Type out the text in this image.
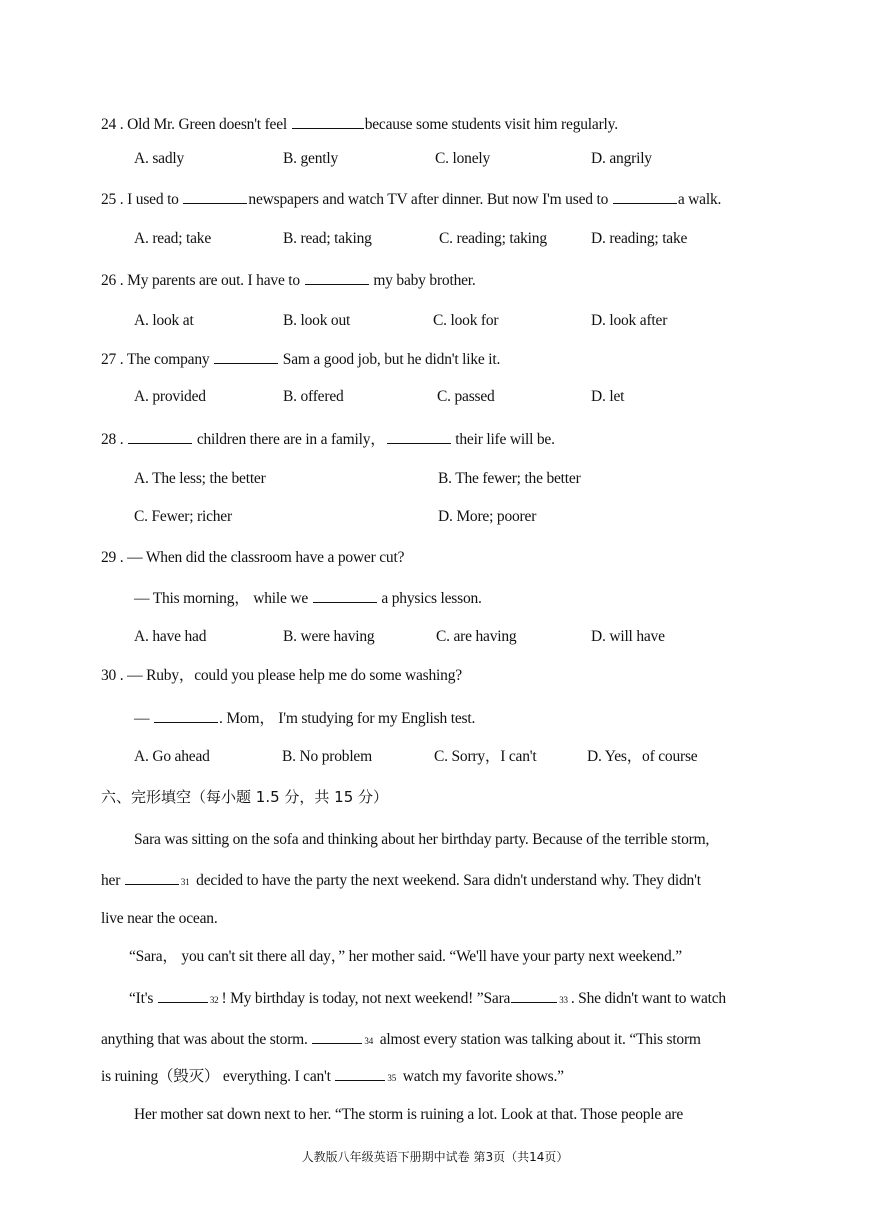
24 . Old Mr. Green doesn't feel	because some students visit him regularly.
A. sadly	B. gently	C. lonely	D. angrily
25 . I used to	newspapers and watch TV after dinner. But now I'm used to	a walk.
A. read; take	B. read; taking	C. reading; taking	D. reading; take
26 . My parents are out. I have to	my baby brother.
A. look at	B. look out	C. look for	D. look after
27 . The company	Sam a good job, but he didn't like it.
A. provided	B. offered	C. passed	D. let
28 .	children there are in a family，	their life will be.
A. The less; the better	B. The fewer; the better
C. Fewer; richer	D. More; poorer
29 . — When did the classroom have a power cut?
— This morning， while we	a physics lesson.
A. have had	B. were having	C. are having	D. will have
30 . — Ruby，could you please help me do some washing?
—	. Mom， I'm studying for my English test.
A. Go ahead	B. No problem	C. Sorry，I can't	D. Yes，of course
六、完形填空（每小题 1.5 分，共 15 分）
Sara was sitting on the sofa and thinking about her birthday party. Because of the terrible storm,
her	31 decided to have the party the next weekend. Sara didn't understand why. They didn't
live near the ocean.
“Sara， you can't sit there all day，” her mother said. “We'll have your party next weekend.”
“It's	32 ! My birthday is today, not next weekend! ”Sara	33 . She didn't want to watch
anything that was about the storm.	34 almost every station was talking about it. “This storm
is ruining（毁灭） everything. I can't	35 watch my favorite shows.”
Her mother sat down next to her. “The storm is ruining a lot. Look at that. Those people are
人教版八年级英语下册期中试卷 第3页（共14页）
